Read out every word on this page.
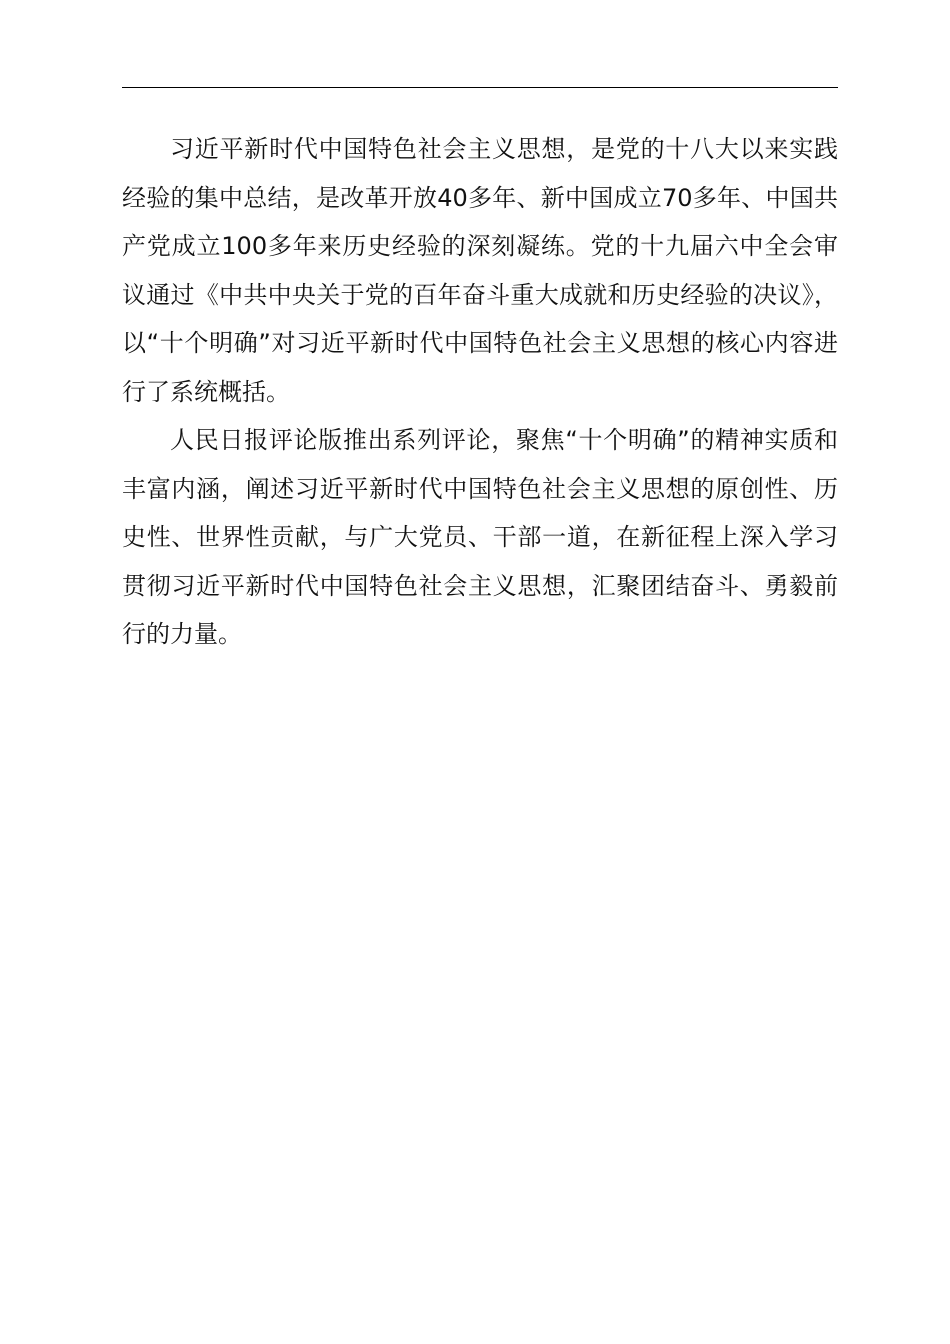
习近平新时代中国特色社会主义思想，是党的十八大以来实践经验的集中总结，是改革开放40多年、新中国成立70多年、中国共产党成立100多年来历史经验的深刻凝练。党的十九届六中全会审议通过《中共中央关于党的百年奋斗重大成就和历史经验的决议》，以“十个明确”对习近平新时代中国特色社会主义思想的核心内容进行了系统概括。

人民日报评论版推出系列评论，聚焦“十个明确”的精神实质和丰富内涵，阐述习近平新时代中国特色社会主义思想的原创性、历史性、世界性贡献，与广大党员、干部一道，在新征程上深入学习贯彻习近平新时代中国特色社会主义思想，汇聚团结奋斗、勇毅前行的力量。
